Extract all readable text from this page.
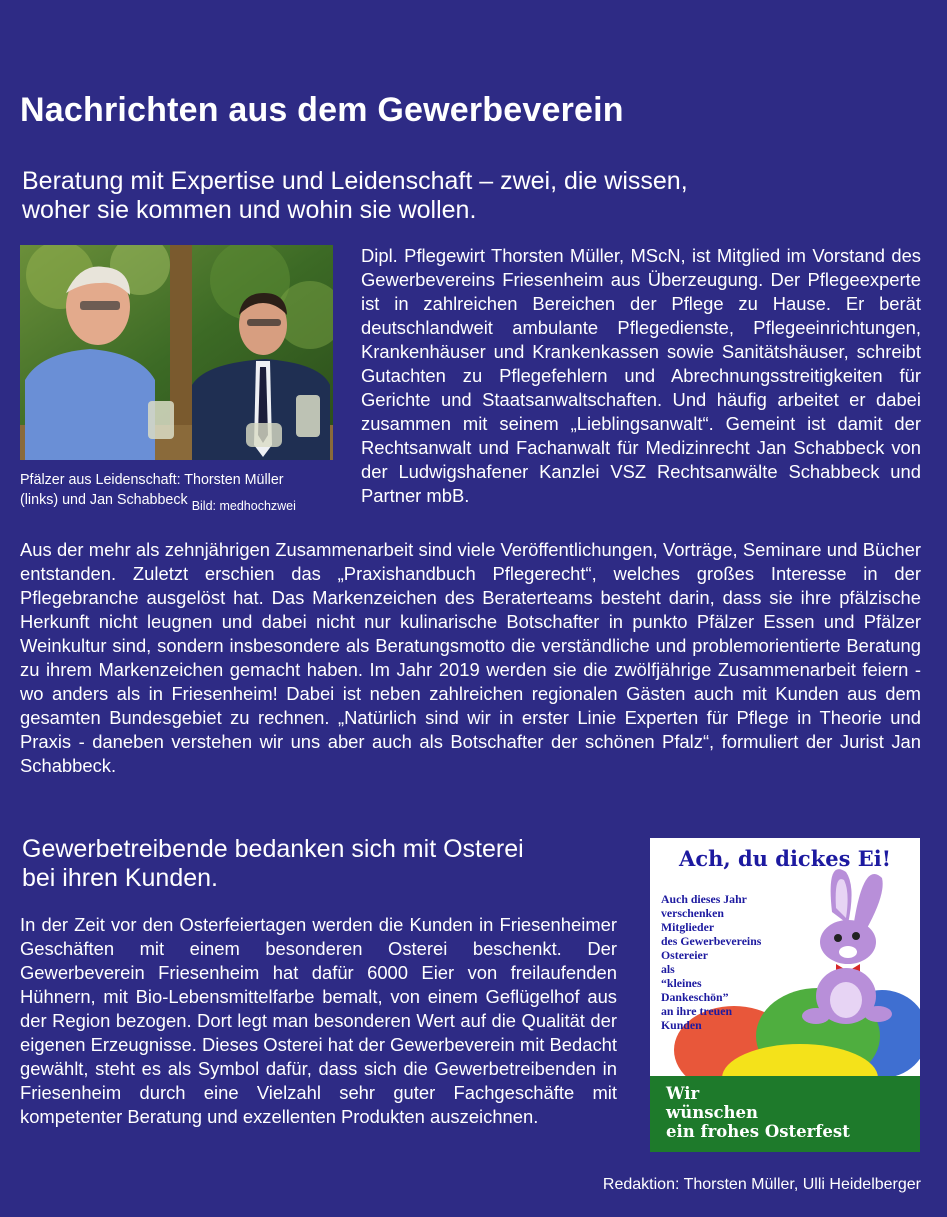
Nachrichten aus dem Gewerbeverein
Beratung mit Expertise und Leidenschaft – zwei, die wissen,
woher sie kommen und wohin sie wollen.
Pfälzer aus Leidenschaft: Thorsten Müller
(links) und Jan Schabbeck Bild: medhochzwei

Dipl. Pflegewirt Thorsten Müller, MScN, ist Mitglied im Vorstand des Gewerbevereins Friesenheim aus Überzeugung. Der Pflegeexperte ist in zahlreichen Bereichen der Pflege zu Hause. Er berät deutschlandweit ambulante Pflegedienste, Pflegeeinrichtungen, Krankenhäuser und Krankenkassen sowie Sanitätshäuser, schreibt Gutachten zu Pflegefehlern und Abrechnungsstreitigkeiten für Gerichte und Staatsanwaltschaften. Und häufig arbeitet er dabei zusammen mit seinem „Lieblingsanwalt“. Gemeint ist damit der Rechtsanwalt und Fachanwalt für Medizinrecht Jan Schabbeck von der Ludwigshafener Kanzlei VSZ Rechtsanwälte Schabbeck und Partner mbB.

Aus der mehr als zehnjährigen Zusammenarbeit sind viele Veröffentlichungen, Vorträge, Seminare und Bücher entstanden. Zuletzt erschien das „Praxishandbuch Pflegerecht“, welches großes Interesse in der Pflegebranche ausgelöst hat. Das Markenzeichen des Beraterteams besteht darin, dass sie ihre pfälzische Herkunft nicht leugnen und dabei nicht nur kulinarische Botschafter in punkto Pfälzer Essen und Pfälzer Weinkultur sind, sondern insbesondere als Beratungsmotto die verständliche und problemorientierte Beratung zu ihrem Markenzeichen gemacht haben. Im Jahr 2019 werden sie die zwölfjährige Zusammenarbeit feiern - wo anders als in Friesenheim! Dabei ist neben zahlreichen regionalen Gästen auch mit Kunden aus dem gesamten Bundesgebiet zu rechnen. „Natürlich sind wir in erster Linie Experten für Pflege in Theorie und Praxis - daneben verstehen wir uns aber auch als Botschafter der schönen Pfalz“, formuliert der Jurist Jan Schabbeck.

Gewerbetreibende bedanken sich mit Osterei
bei ihren Kunden.

In der Zeit vor den Osterfeiertagen werden die Kunden in Friesenheimer Geschäften mit einem besonderen Osterei beschenkt. Der Gewerbeverein Friesenheim hat dafür 6000 Eier von freilaufenden Hühnern, mit Bio-Lebensmittelfarbe bemalt, von einem Geflügelhof aus der Region bezogen. Dort legt man besonderen Wert auf die Qualität der eigenen Erzeugnisse. Dieses Osterei hat der Gewerbeverein mit Bedacht gewählt, steht es als Symbol dafür, dass sich die Gewerbetreibenden in Friesenheim durch eine Vielzahl sehr guter Fachgeschäfte mit kompetenter Beratung und exzellenten Produkten auszeichnen.

Ach, du dickes Ei!
Auch dieses Jahr
verschenken
Mitglieder
des Gewerbevereins
Ostereier
als
“kleines
Dankeschön”
an ihre treuen
Kunden
Wir
wünschen
ein frohes Osterfest
Redaktion: Thorsten Müller, Ulli Heidelberger
